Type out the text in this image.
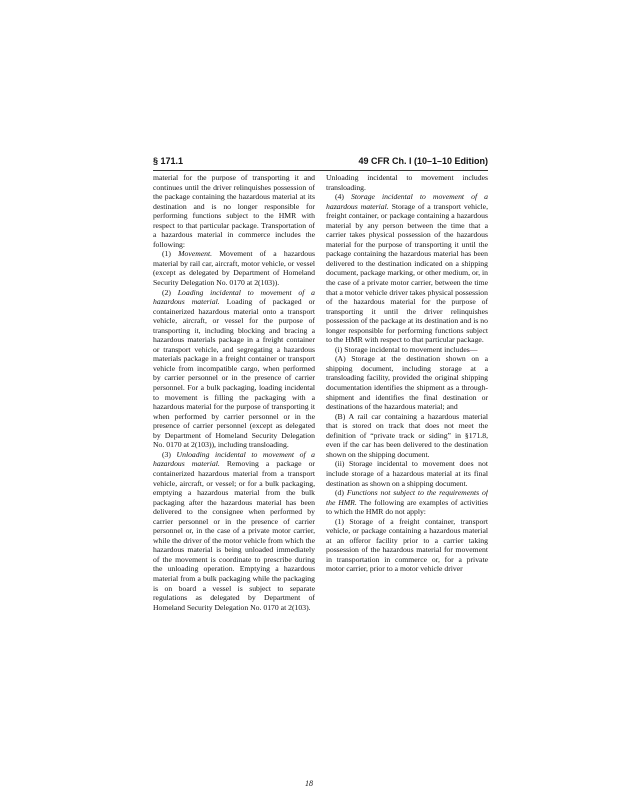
§ 171.1	49 CFR Ch. I (10–1–10 Edition)

material for the purpose of transporting it and continues until the driver relinquishes possession of the package containing the hazardous material at its destination and is no longer responsible for performing functions subject to the HMR with respect to that particular package. Transportation of a hazardous material in commerce includes the following:

(1) Movement. Movement of a hazardous material by rail car, aircraft, motor vehicle, or vessel (except as delegated by Department of Homeland Security Delegation No. 0170 at 2(103)).

(2) Loading incidental to movement of a hazardous material. Loading of packaged or containerized hazardous material onto a transport vehicle, aircraft, or vessel for the purpose of transporting it, including blocking and bracing a hazardous materials package in a freight container or transport vehicle, and segregating a hazardous materials package in a freight container or transport vehicle from incompatible cargo, when performed by carrier personnel or in the presence of carrier personnel. For a bulk packaging, loading incidental to movement is filling the packaging with a hazardous material for the purpose of transporting it when performed by carrier personnel or in the presence of carrier personnel (except as delegated by Department of Homeland Security Delegation No. 0170 at 2(103)), including transloading.

(3) Unloading incidental to movement of a hazardous material. Removing a package or containerized hazardous material from a transport vehicle, aircraft, or vessel; or for a bulk packaging, emptying a hazardous material from the bulk packaging after the hazardous material has been delivered to the consignee when performed by carrier personnel or in the presence of carrier personnel or, in the case of a private motor carrier, while the driver of the motor vehicle from which the hazardous material is being unloaded immediately of the movement is coordinate to prescribe during the unloading operation. Emptying a hazardous material from a bulk packaging while the packaging is on board a vessel is subject to separate regulations as delegated by Department of Homeland Security Delegation No. 0170 at 2(103).

Unloading incidental to movement includes transloading.

(4) Storage incidental to movement of a hazardous material. Storage of a transport vehicle, freight container, or package containing a hazardous material by any person between the time that a carrier takes physical possession of the hazardous material for the purpose of transporting it until the package containing the hazardous material has been delivered to the destination indicated on a shipping document, package marking, or other medium, or, in the case of a private motor carrier, between the time that a motor vehicle driver takes physical possession of the hazardous material for the purpose of transporting it until the driver relinquishes possession of the package at its destination and is no longer responsible for performing functions subject to the HMR with respect to that particular package.

(i) Storage incidental to movement includes—

(A) Storage at the destination shown on a shipping document, including storage at a transloading facility, provided the original shipping documentation identifies the shipment as a through-shipment and identifies the final destination or destinations of the hazardous material; and

(B) A rail car containing a hazardous material that is stored on track that does not meet the definition of “private track or siding” in §171.8, even if the car has been delivered to the destination shown on the shipping document.

(ii) Storage incidental to movement does not include storage of a hazardous material at its final destination as shown on a shipping document.

(d) Functions not subject to the requirements of the HMR. The following are examples of activities to which the HMR do not apply:

(1) Storage of a freight container, transport vehicle, or package containing a hazardous material at an offeror facility prior to a carrier taking possession of the hazardous material for movement in transportation in commerce or, for a private motor carrier, prior to a motor vehicle driver

18
